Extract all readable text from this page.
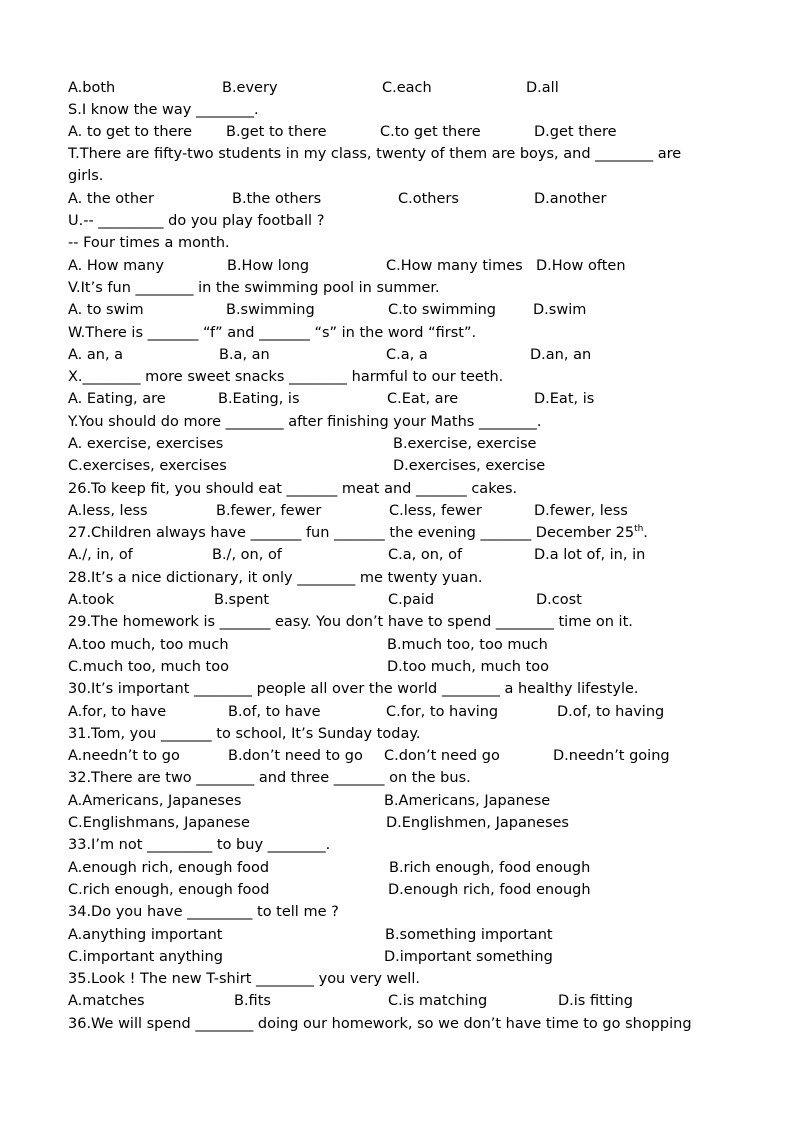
A.both	B.every	C.each	D.all
S.I know the way ________.
A. to get to there B.get to there	C.to get there	D.get there
T.There are fifty-two students in my class, twenty of them are boys, and ________ are
girls.
A. the other	B.the others	C.others	D.another
U.-- _________ do you play football ?
-- Four times a month.
A. How many	B.How long	C.How many times D.How often
V.It’s fun ________ in the swimming pool in summer.
A. to swim	B.swimming	C.to swimming	D.swim
W.There is _______ “f” and _______ “s” in the word “first”.
A. an, a	B.a, an	C.a, a	D.an, an
X.________ more sweet snacks ________ harmful to our teeth.
A. Eating, are	B.Eating, is	C.Eat, are	D.Eat, is
Y.You should do more ________ after finishing your Maths ________.
A. exercise, exercises	B.exercise, exercise
C.exercises, exercises	D.exercises, exercise
26.To keep fit, you should eat _______ meat and _______ cakes.
A.less, less	B.fewer, fewer	C.less, fewer	D.fewer, less
27.Children always have _______ fun _______ the evening _______ December 25th.
A./, in, of	B./, on, of	C.a, on, of	D.a lot of, in, in
28.It’s a nice dictionary, it only ________ me twenty yuan.
A.took	B.spent	C.paid	D.cost
29.The homework is _______ easy. You don’t have to spend ________ time on it.
A.too much, too much	B.much too, too much
C.much too, much too	D.too much, much too
30.It’s important ________ people all over the world ________ a healthy lifestyle.
A.for, to have	B.of, to have	C.for, to having	D.of, to having
31.Tom, you _______ to school, It’s Sunday today.
A.needn’t to go	B.don’t need to go C.don’t need go	D.needn’t going
32.There are two ________ and three _______ on the bus.
A.Americans, Japaneses	B.Americans, Japanese
C.Englishmans, Japanese	D.Englishmen, Japaneses
33.I’m not _________ to buy ________.
A.enough rich, enough food	B.rich enough, food enough
C.rich enough, enough food	D.enough rich, food enough
34.Do you have _________ to tell me ?
A.anything important	B.something important
C.important anything	D.important something
35.Look ! The new T-shirt ________ you very well.
A.matches	B.fits	C.is matching	D.is fitting
36.We will spend ________ doing our homework, so we don’t have time to go shopping
